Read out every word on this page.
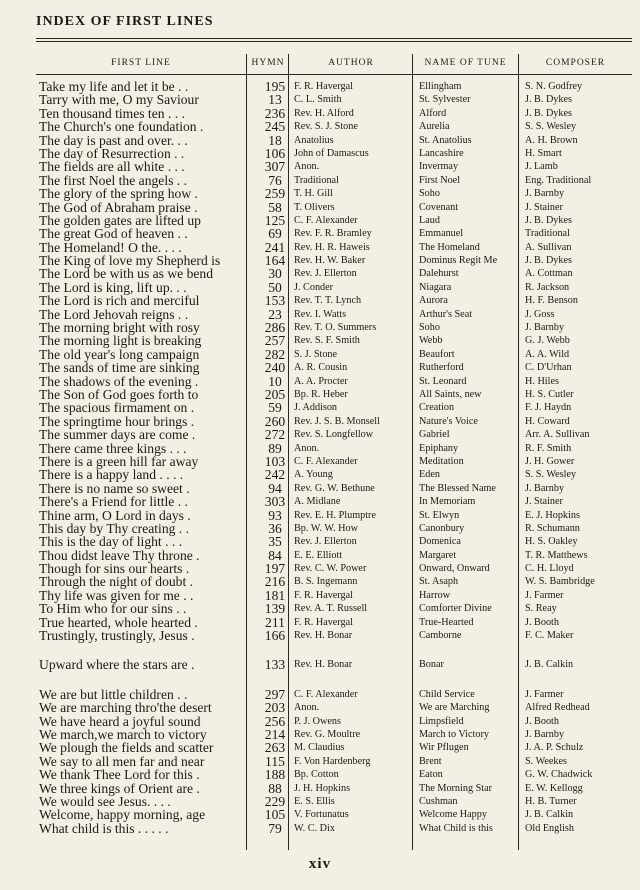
INDEX OF FIRST LINES
FIRST LINE	HYMN	AUTHOR	NAME OF TUNE	COMPOSER
Take my life and let it be . .	195 F. R. Havergal	Ellingham	S. N. Godfrey
Tarry with me, O my Saviour	13	C. L. Smith	St. Sylvester	J. B. Dykes
Ten thousand times ten . . .	236 Rev. H. Alford	Alford	J. B. Dykes
The Church's one foundation .	245 Rev. S. J. Stone	Aurelia	S. S. Wesley
The day is past and over. . .	18	Anatolius	St. Anatolius	A. H. Brown
The day of Resurrection . .	106 John of Damascus	Lancashire	H. Smart
The fields are all white . . .	307 Anon.	Invermay	J. Lamb
The first Noel the angels . .	76	Traditional	First Noel	Eng. Traditional
The glory of the spring how .	259 T. H. Gill	Soho	J. Barnby
The God of Abraham praise .	58	T. Olivers	Covenant	J. Stainer
The golden gates are lifted up	125 C. F. Alexander	Laud	J. B. Dykes
The great God of heaven . .	69	Rev. F. R. Bramley	Emmanuel	Traditional
The Homeland! O the. . . .	241 Rev. H. R. Haweis	The Homeland	A. Sullivan
The King of love my Shepherd is	164 Rev. H. W. Baker	Dominus Regit Me	J. B. Dykes
The Lord be with us as we bend	30	Rev. J. Ellerton	Dalehurst	A. Cottman
The Lord is king, lift up. . .	50	J. Conder	Niagara	R. Jackson
The Lord is rich and merciful	153 Rev. T. T. Lynch	Aurora	H. F. Benson
The Lord Jehovah reigns . .	23	Rev. I. Watts	Arthur's Seat	J. Goss
The morning bright with rosy	286 Rev. T. O. Summers	Soho	J. Barnby
The morning light is breaking	257 Rev. S. F. Smith	Webb	G. J. Webb
The old year's long campaign	282 S. J. Stone	Beaufort	A. A. Wild
The sands of time are sinking	240 A. R. Cousin	Rutherford	C. D'Urhan
The shadows of the evening .	10	A. A. Procter	St. Leonard	H. Hiles
The Son of God goes forth to	205 Bp. R. Heber	All Saints, new	H. S. Cutler
The spacious firmament on .	59	J. Addison	Creation	F. J. Haydn
The springtime hour brings .	260 Rev. J. S. B. Monsell	Nature's Voice	H. Coward
The summer days are come .	272 Rev. S. Longfellow	Gabriel	Arr. A. Sullivan
There came three kings . . .	89	Anon.	Epiphany	R. F. Smith
There is a green hill far away	103 C. F. Alexander	Meditation	J. H. Gower
There is a happy land . . . .	242 A. Young	Eden	S. S. Wesley
There is no name so sweet .	94	Rev. G. W. Bethune	The Blessed Name	J. Barnby
There's a Friend for little . .	303 A. Midlane	In Memoriam	J. Stainer
Thine arm, O Lord in days .	93	Rev. E. H. Plumptre	St. Elwyn	E. J. Hopkins
This day by Thy creating . .	36	Bp. W. W. How	Canonbury	R. Schumann
This is the day of light . . .	35	Rev. J. Ellerton	Domenica	H. S. Oakley
Thou didst leave Thy throne .	84	E. E. Elliott	Margaret	T. R. Matthews
Though for sins our hearts .	197 Rev. C. W. Power	Onward, Onward	C. H. Lloyd
Through the night of doubt .	216 B. S. Ingemann	St. Asaph	W. S. Bambridge
Thy life was given for me . .	181 F. R. Havergal	Harrow	J. Farmer
To Him who for our sins . .	139 Rev. A. T. Russell	Comforter Divine	S. Reay
True hearted, whole hearted .	211 F. R. Havergal	True-Hearted	J. Booth
Trustingly, trustingly, Jesus .	166 Rev. H. Bonar	Camborne	F. C. Maker
Upward where the stars are .	133 Rev. H. Bonar	Bonar	J. B. Calkin
We are but little children . .	297 C. F. Alexander	Child Service	J. Farmer
We are marching thro'the desert	203 Anon.	We are Marching	Alfred Redhead
We have heard a joyful sound	256 P. J. Owens	Limpsfield	J. Booth
We march,we march to victory	214 Rev. G. Moultre	March to Victory	J. Barnby
We plough the fields and scatter	263 M. Claudius	Wir Pflugen	J. A. P. Schulz
We say to all men far and near	115 F. Von Hardenberg	Brent	S. Weekes
We thank Thee Lord for this .	188 Bp. Cotton	Eaton	G. W. Chadwick
We three kings of Orient are .	88	J. H. Hopkins	The Morning Star	E. W. Kellogg
We would see Jesus. . . .	229 E. S. Ellis	Cushman	H. B. Turner
Welcome, happy morning, age	105 V. Fortunatus	Welcome Happy	J. B. Calkin
What child is this . . . . .	79	W. C. Dix	What Child is this	Old English
xiv
